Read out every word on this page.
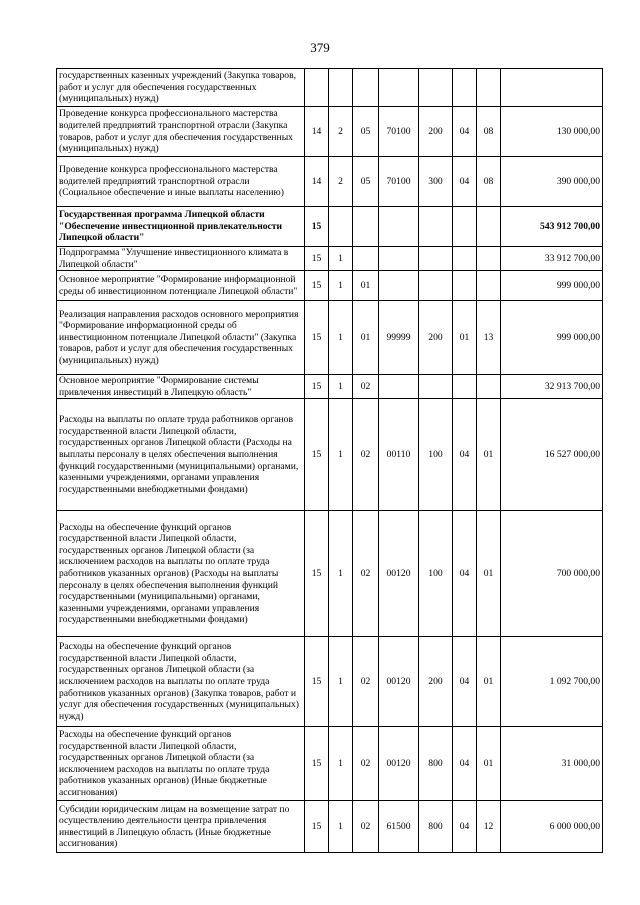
379
государственных казенных учреждений (Закупка товаров, работ и услуг для обеспечения государственных (муниципальных) нужд)								
Проведение конкурса профессионального мастерства водителей предприятий транспортной отрасли (Закупка товаров, работ и услуг для обеспечения государственных (муниципальных) нужд)	14	2	05	70100	200	04	08	130 000,00
Проведение конкурса профессионального мастерства водителей предприятий транспортной отрасли (Социальное обеспечение и иные выплаты населению)	14	2	05	70100	300	04	08	390 000,00
Государственная программа Липецкой области "Обеспечение инвестиционной привлекательности Липецкой области"	15							543 912 700,00
Подпрограмма "Улучшение инвестиционного климата в Липецкой области"	15	1						33 912 700,00
Основное мероприятие "Формирование информационной среды об инвестиционном потенциале Липецкой области"	15	1	01					999 000,00
Реализация направления расходов основного мероприятия "Формирование информационной среды об инвестиционном потенциале Липецкой области" (Закупка товаров, работ и услуг для обеспечения государственных (муниципальных) нужд)	15	1	01	99999	200	01	13	999 000,00
Основное мероприятие "Формирование системы привлечения инвестиций в Липецкую область"	15	1	02					32 913 700,00
Расходы на выплаты по оплате труда работников органов государственной власти Липецкой области, государственных органов Липецкой области (Расходы на выплаты персоналу в целях обеспечения выполнения функций государственными (муниципальными) органами, казенными учреждениями, органами управления государственными внебюджетными фондами)	15	1	02	00110	100	04	01	16 527 000,00
Расходы на обеспечение функций органов государственной власти Липецкой области, государственных органов Липецкой области (за исключением расходов на выплаты по оплате труда работников указанных органов) (Расходы на выплаты персоналу в целях обеспечения выполнения функций государственными (муниципальными) органами, казенными учреждениями, органами управления государственными внебюджетными фондами)	15	1	02	00120	100	04	01	700 000,00
Расходы на обеспечение функций органов государственной власти Липецкой области, государственных органов Липецкой области (за исключением расходов на выплаты по оплате труда работников указанных органов) (Закупка товаров, работ и услуг для обеспечения государственных (муниципальных) нужд)	15	1	02	00120	200	04	01	1 092 700,00
Расходы на обеспечение функций органов государственной власти Липецкой области, государственных органов Липецкой области (за исключением расходов на выплаты по оплате труда работников указанных органов) (Иные бюджетные ассигнования)	15	1	02	00120	800	04	01	31 000,00
Субсидии юридическим лицам на возмещение затрат по осуществлению деятельности центра привлечения инвестиций в Липецкую область (Иные бюджетные ассигнования)	15	1	02	61500	800	04	12	6 000 000,00
